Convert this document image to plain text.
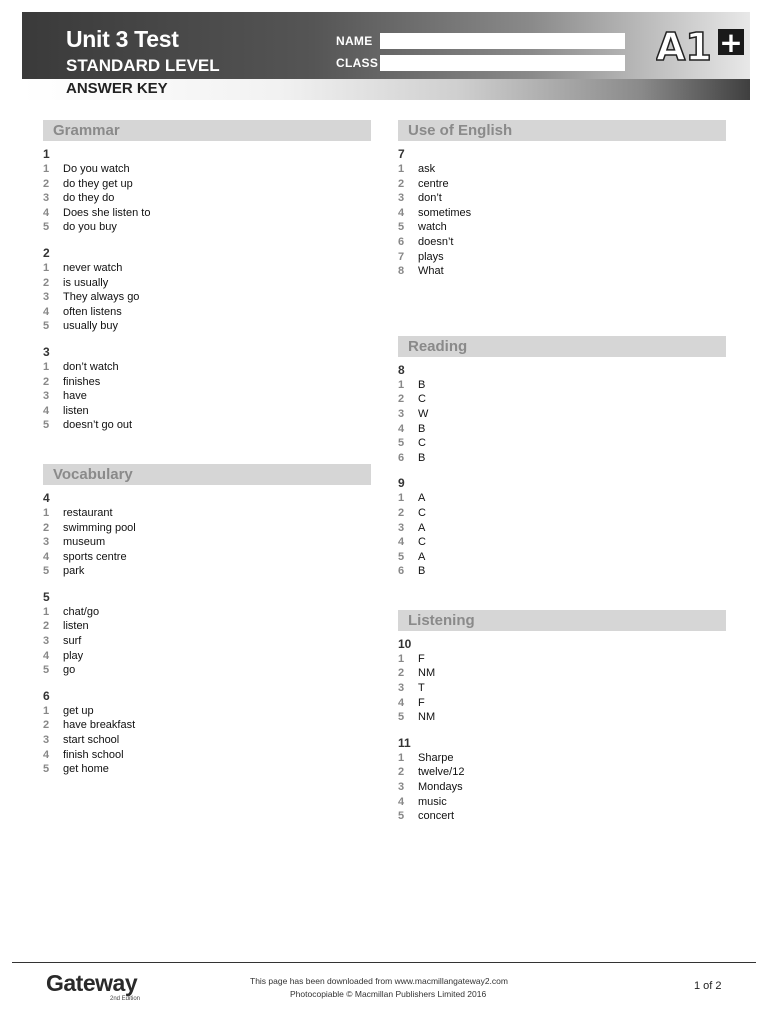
Unit 3 Test
STANDARD LEVEL
NAME
CLASS	A1 +
ANSWER KEY
Grammar
1
1 Do you watch
2 do they get up
3 do they do
4 Does she listen to
5 do you buy
2
1 never watch
2 is usually
3 They always go
4 often listens
5 usually buy
3
1 don’t watch
2 finishes
3 have
4 listen
5 doesn’t go out
Vocabulary
4
1 restaurant
2 swimming pool
3 museum
4 sports centre
5 park
5
1 chat/go
2 listen
3 surf
4 play
5 go
6
1 get up
2 have breakfast
3 start school
4 finish school
5 get home
Use of English
7
1 ask
2 centre
3 don’t
4 sometimes
5 watch
6 doesn’t
7 plays
8 What
Reading
8
1 B
2 C
3 W
4 B
5 C
6 B
9
1 A
2 C
3 A
4 C
5 A
6 B
Listening
10
1 F
2 NM
3 T
4 F
5 NM
11
1 Sharpe
2 twelve/12
3 Mondays
4 music
5 concert
Gateway
2nd Edition
This page has been downloaded from www.macmillangateway2.com
Photocopiable © Macmillan Publishers Limited 2016
1 of 2
